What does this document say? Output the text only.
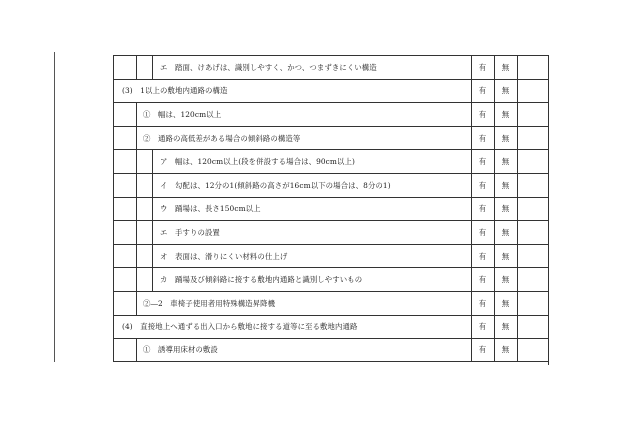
エ　踏面、けあげは、識別しやすく、かつ、つまずきにくい構造	有	無
(3)　1以上の敷地内通路の構造	有	無
①　幅は、120cm以上	有	無
②　通路の高低差がある場合の傾斜路の構造等	有	無
ア　幅は、120cm以上(段を併設する場合は、90cm以上)	有	無
イ　勾配は、12分の1(傾斜路の高さが16cm以下の場合は、8分の1)	有	無
ウ　踊場は、長さ150cm以上	有	無
エ　手すりの設置	有	無
オ　表面は、滑りにくい材料の仕上げ	有	無
カ　踊場及び傾斜路に接する敷地内通路と識別しやすいもの	有	無
②―2　車椅子使用者用特殊構造昇降機	有	無
(4)　直接地上へ通ずる出入口から敷地に接する道等に至る敷地内通路	有	無
①　誘導用床材の敷設	有	無
